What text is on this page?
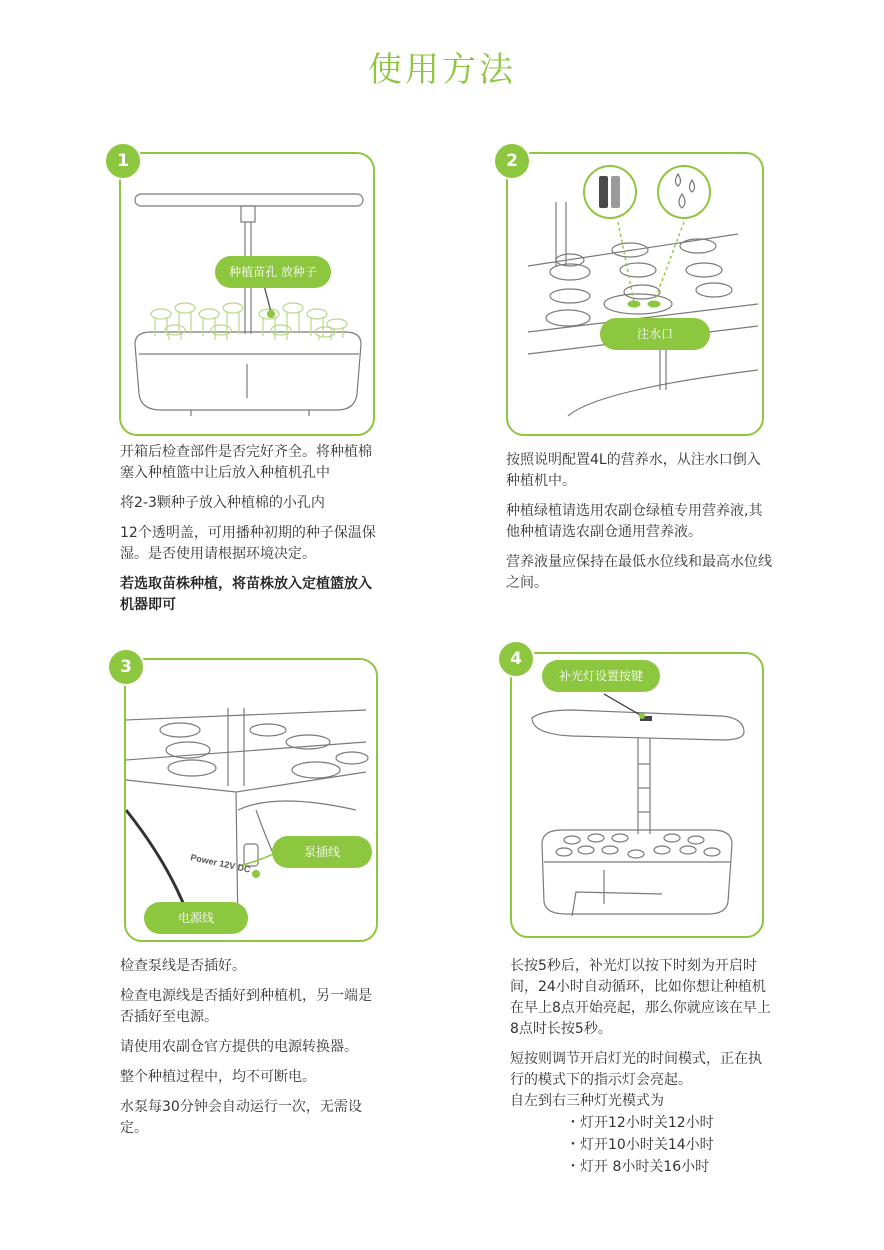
使用方法
1
种植苗孔 放种子

开箱后检查部件是否完好齐全。将种植棉塞入种植篮中让后放入种植机孔中

将2-3颗种子放入种植棉的小孔内

12个透明盖，可用播种初期的种子保温保湿。是否使用请根据环境决定。

若选取苗株种植，将苗株放入定植篮放入机器即可

2
注水口

按照说明配置4L的营养水，从注水口倒入种植机中。

种植绿植请选用农副仓绿植专用营养液,其他种植请选农副仓通用营养液。

营养液量应保持在最低水位线和最高水位线之间。

3
Power 12V DC
泵插线
电源线

检查泵线是否插好。

检查电源线是否插好到种植机，另一端是否插好至电源。

请使用农副仓官方提供的电源转换器。

整个种植过程中，均不可断电。

水泵每30分钟会自动运行一次，无需设定。

4
补光灯设置按键

长按5秒后，补光灯以按下时刻为开启时间，24小时自动循环，比如你想让种植机在早上8点开始亮起，那么你就应该在早上8点时长按5秒。

短按则调节开启灯光的时间模式，正在执行的模式下的指示灯会亮起。

自左到右三种灯光模式为

・灯开12小时关12小时
・灯开10小时关14小时
・灯开 8小时关16小时
